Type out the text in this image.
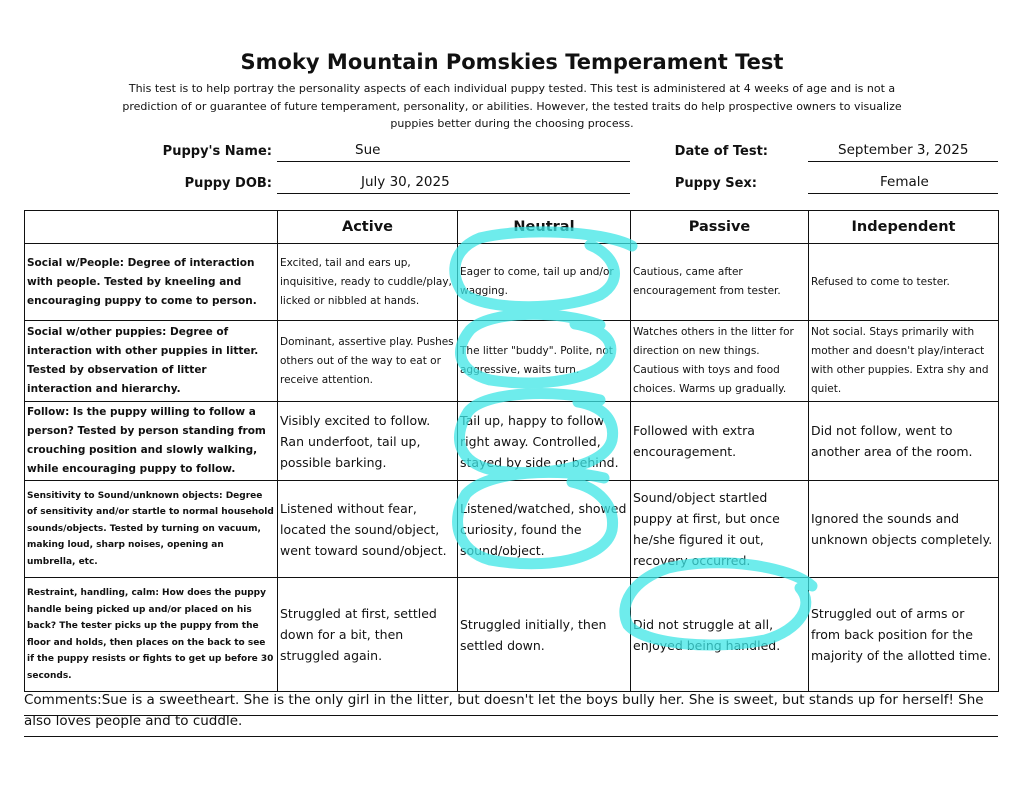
Smoky Mountain Pomskies Temperament Test
This test is to help portray the personality aspects of each individual puppy tested. This test is administered at 4 weeks of age and is not a prediction of or guarantee of future temperament, personality, or abilities. However, the tested traits do help prospective owners to visualize puppies better during the choosing process.
Puppy's Name:	Sue	Date of Test:	September 3, 2025
Puppy DOB:	July 30, 2025	Puppy Sex:	Female
	Active	Neutral	Passive	Independent
Social w/People: Degree of interaction with people. Tested by kneeling and encouraging puppy to come to person.	Excited, tail and ears up, inquisitive, ready to cuddle/play, licked or nibbled at hands.	Eager to come, tail up and/or wagging.	Cautious, came after encouragement from tester.	Refused to come to tester.
Social w/other puppies: Degree of interaction with other puppies in litter. Tested by observation of litter interaction and hierarchy.	Dominant, assertive play. Pushes others out of the way to eat or receive attention.	The litter "buddy". Polite, not aggressive, waits turn.	Watches others in the litter for direction on new things. Cautious with toys and food choices. Warms up gradually.	Not social. Stays primarily with mother and doesn't play/interact with other puppies. Extra shy and quiet.
Follow: Is the puppy willing to follow a person? Tested by person standing from crouching position and slowly walking, while encouraging puppy to follow.	Visibly excited to follow. Ran underfoot, tail up, possible barking.	Tail up, happy to follow right away. Controlled, stayed by side or behind.	Followed with extra encouragement.	Did not follow, went to another area of the room.
Sensitivity to Sound/unknown objects: Degree of sensitivity and/or startle to normal household sounds/objects. Tested by turning on vacuum, making loud, sharp noises, opening an umbrella, etc.	Listened without fear, located the sound/object, went toward sound/object.	Listened/watched, showed curiosity, found the sound/object.	Sound/object startled puppy at first, but once he/she figured it out, recovery occurred.	Ignored the sounds and unknown objects completely.
Restraint, handling, calm: How does the puppy handle being picked up and/or placed on his back? The tester picks up the puppy from the floor and holds, then places on the back to see if the puppy resists or fights to get up before 30 seconds.	Struggled at first, settled down for a bit, then struggled again.	Struggled initially, then settled down.	Did not struggle at all, enjoyed being handled.	Struggled out of arms or from back position for the majority of the allotted time.
Comments:Sue is a sweetheart. She is the only girl in the litter, but doesn't let the boys bully her. She is sweet, but stands up for herself! She also loves people and to cuddle.
